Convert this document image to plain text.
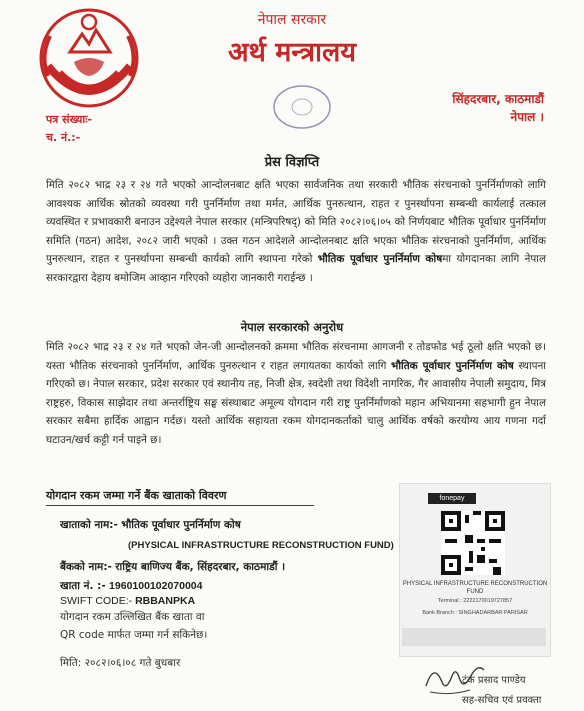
नेपाल सरकार
अर्थ मन्त्रालय
सिंहदरबार, काठमाडौं
नेपाल ।
पत्र संख्याः-
च. नं.:-
प्रेस विज्ञप्ति
मिति २०८२ भाद्र २३ र २४ गते भएको आन्दोलनबाट क्षति भएका सार्वजनिक तथा सरकारी भौतिक संरचनाको पुनर्निर्माणको लागि आवश्यक आर्थिक स्रोतको व्यवस्था गरी पुनर्निर्माण तथा मर्मत, आर्थिक पुनरुत्थान, राहत र पुनर्स्थापना सम्बन्धी कार्यलाई तत्काल व्यवस्थित र प्रभावकारी बनाउन उद्देश्यले नेपाल सरकार (मन्त्रिपरिषद्) को मिति २०८२।०६।०५ को निर्णयबाट भौतिक पूर्वाधार पुनर्निर्माण समिति (गठन) आदेश, २०८२ जारी भएको । उक्त गठन आदेशले आन्दोलनबाट क्षति भएका भौतिक संरचनाको पुनर्निर्माण, आर्थिक पुनरुत्थान, राहत र पुनर्स्थापना सम्बन्धी कार्यको लागि स्थापना गरेको भौतिक पूर्वाधार पुनर्निर्माण कोषमा योगदानका लागि नेपाल सरकारद्वारा देहाय बमोजिम आव्हान गरिएको व्यहोरा जानकारी गराईन्छ ।
नेपाल सरकारको अनुरोध
मिति २०८२ भाद्र २३ र २४ गते भएको जेन-जी आन्दोलनको क्रममा भौतिक संरचनामा आगजनी र तोडफोड भई ठूलो क्षति भएको छ। यस्ता भौतिक संरचनाको पुनर्निर्माण, आर्थिक पुनरुत्थान र राहत लगायतका कार्यको लागि भौतिक पूर्वाधार पुनर्निर्माण कोष स्थापना गरिएको छ। नेपाल सरकार, प्रदेश सरकार एवं स्थानीय तह, निजी क्षेत्र, स्वदेशी तथा विदेशी नागरिक, गैर आवासीय नेपाली समुदाय, मित्र राष्ट्रहरु, विकास साझेदार तथा अन्तर्राष्ट्रिय सङ्घ संस्थाबाट अमूल्य योगदान गरी राष्ट्र पुनर्निर्माणको महान अभियानमा सहभागी हुन नेपाल सरकार सबैमा हार्दिक आह्वान गर्दछ। यस्तो आर्थिक सहायता रकम योगदानकर्ताको चालु आर्थिक वर्षको करयोग्य आय गणना गर्दा घटाउन/खर्च कट्टी गर्न पाइने छ।
योगदान रकम जम्मा गर्ने बैंक खाताको विवरण
खाताको नाम:- भौतिक पूर्वाधार पुनर्निर्माण कोष
(PHYSICAL INFRASTRUCTURE RECONSTRUCTION FUND)
बैंकको नाम:- राष्ट्रिय बाणिज्य बैंक, सिंहदरबार, काठमाडौं ।
खाता नं. :- 1960100102070004
SWIFT CODE:- RBBANPKA
योगदान रकम उल्लिखित बैंक खाता वा
QR code मार्फत जम्मा गर्न सकिनेछ।
मिति: २०८२।०६।०८ गते बुधबार
fonepay
PHYSICAL INFRASTRUCTURE RECONSTRUCTION FUND
Terminal : 2222170019727857
Bank Branch : SINGHADARBAR PARISAR
टंक प्रसाद पाण्डेय
सह-सचिव एवं प्रवक्ता
